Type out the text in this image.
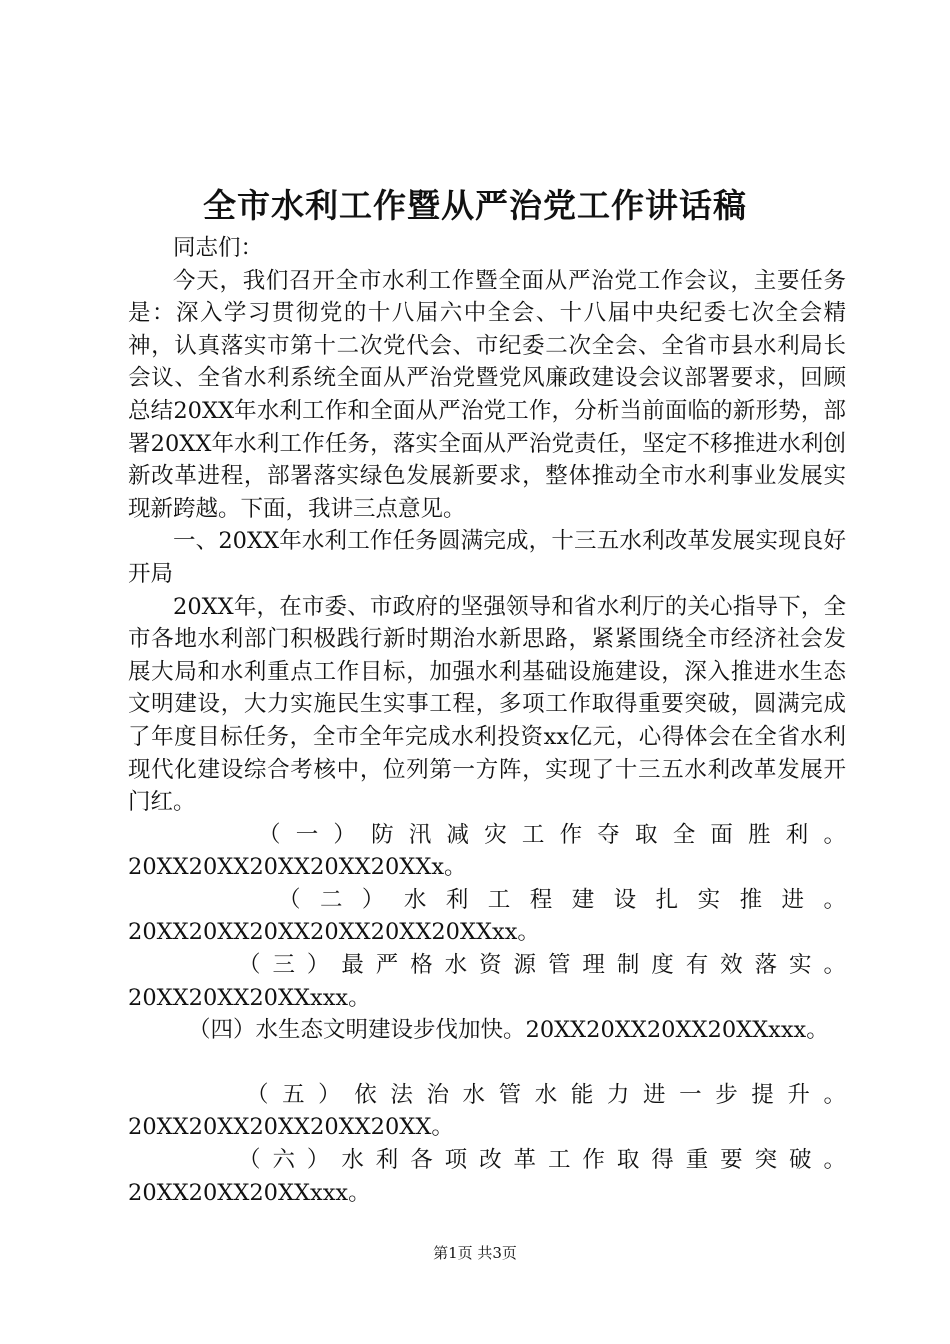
全市水利工作暨从严治党工作讲话稿

同志们：

今天，我们召开全市水利工作暨全面从严治党工作会议，主要任务是：深入学习贯彻党的十八届六中全会、十八届中央纪委七次全会精神，认真落实市第十二次党代会、市纪委二次全会、全省市县水利局长会议、全省水利系统全面从严治党暨党风廉政建设会议部署要求，回顾总结20XX年水利工作和全面从严治党工作，分析当前面临的新形势，部署20XX年水利工作任务，落实全面从严治党责任，坚定不移推进水利创新改革进程，部署落实绿色发展新要求，整体推动全市水利事业发展实现新跨越。下面，我讲三点意见。

一、20XX年水利工作任务圆满完成，十三五水利改革发展实现良好开局

20XX年，在市委、市政府的坚强领导和省水利厅的关心指导下，全市各地水利部门积极践行新时期治水新思路，紧紧围绕全市经济社会发展大局和水利重点工作目标，加强水利基础设施建设，深入推进水生态文明建设，大力实施民生实事工程，多项工作取得重要突破，圆满完成了年度目标任务，全市全年完成水利投资xx亿元，心得体会在全省水利现代化建设综合考核中，位列第一方阵，实现了十三五水利改革发展开门红。

（一）防汛减灾工作夺取全面胜利。
20XX20XX20XX20XX20XXx。

（二）水利工程建设扎实推进。
20XX20XX20XX20XX20XX20XXxx。

（三）最严格水资源管理制度有效落实。
20XX20XX20XXxxx。

（四）水生态文明建设步伐加快。20XX20XX20XX20XXxxx。

（五）依法治水管水能力进一步提升。
20XX20XX20XX20XX20XX。

（六）水利各项改革工作取得重要突破。
20XX20XX20XXxxx。

第1页 共3页
